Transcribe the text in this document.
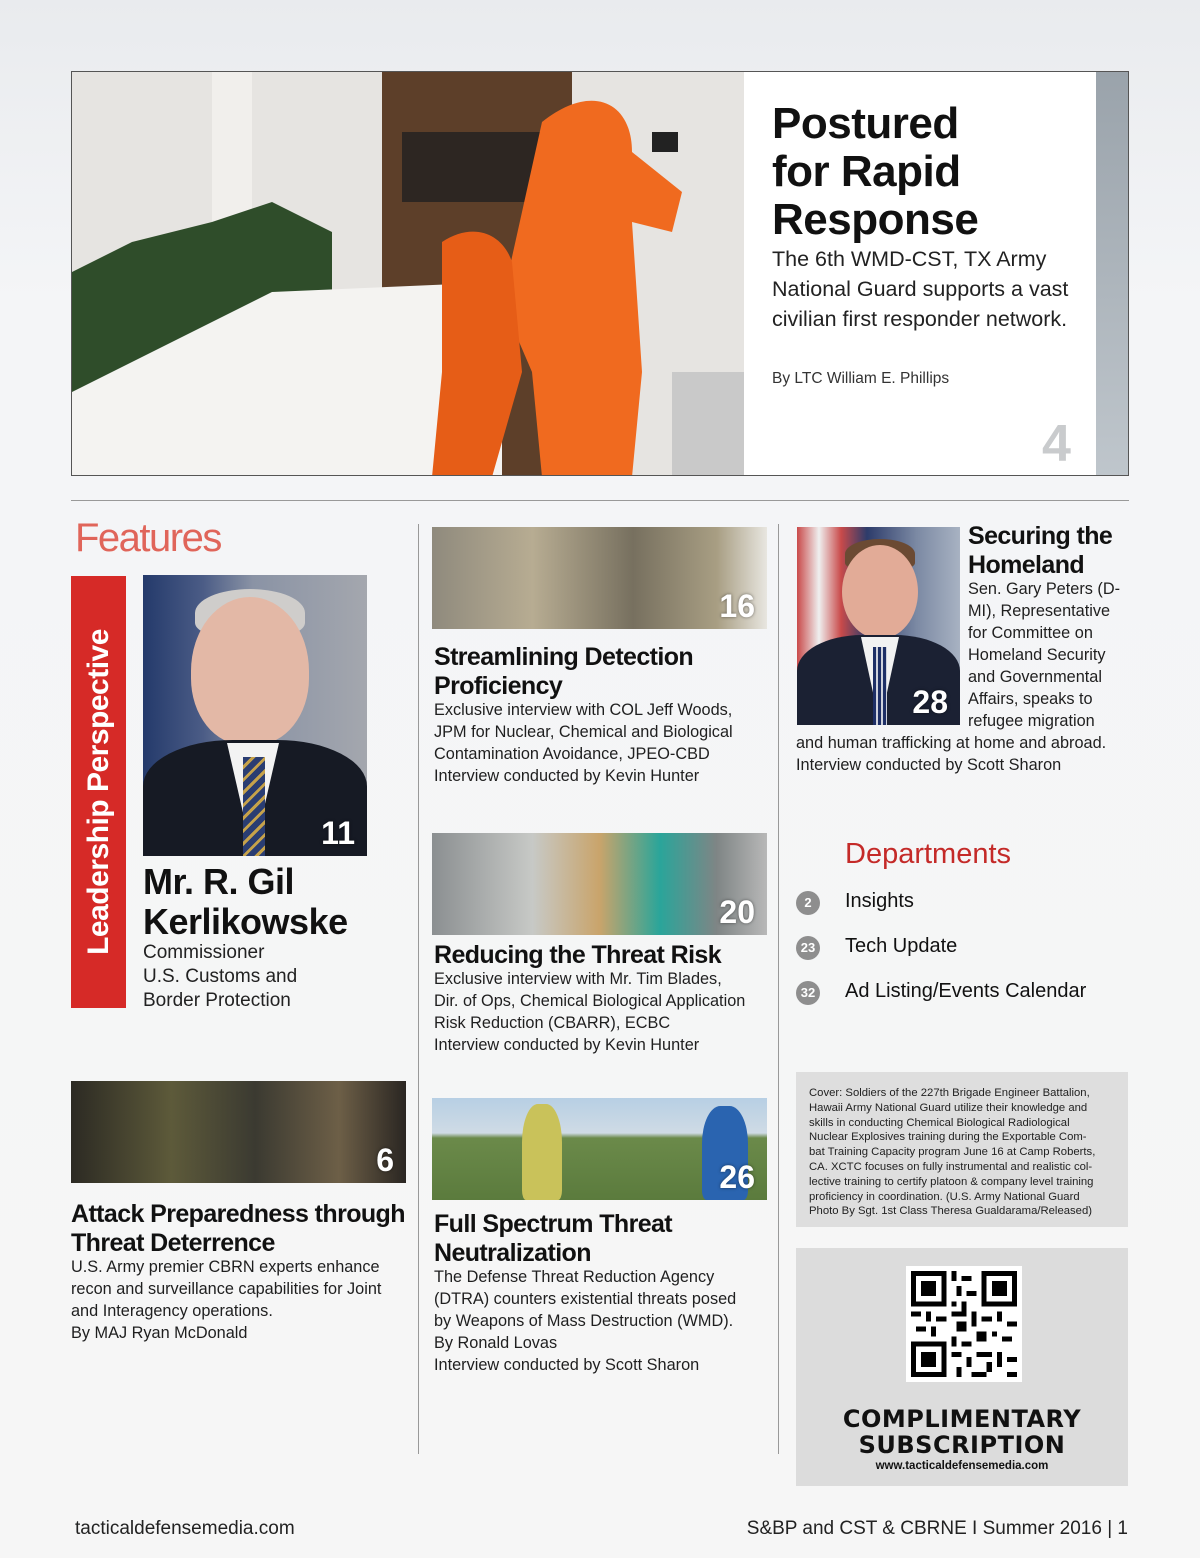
Postured
for Rapid
Response
The 6th WMD-CST, TX Army National Guard supports a vast civilian first responder network.
By LTC William E. Phillips
4
Features
Leadership Perspective	11
Mr. R. Gil
Kerlikowske
Commissioner
U.S. Customs and
Border Protection
6
Attack Preparedness through
Threat Deterrence
U.S. Army premier CBRN experts enhance
recon and surveillance capabilities for Joint
and Interagency operations.
By MAJ Ryan McDonald
16
Streamlining Detection
Proficiency
Exclusive interview with COL Jeff Woods,
JPM for Nuclear, Chemical and Biological
Contamination Avoidance, JPEO-CBD
Interview conducted by Kevin Hunter
20
Reducing the Threat Risk
Exclusive interview with Mr. Tim Blades,
Dir. of Ops, Chemical Biological Application
Risk Reduction (CBARR), ECBC
Interview conducted by Kevin Hunter
26
Full Spectrum Threat
Neutralization
The Defense Threat Reduction Agency
(DTRA) counters existential threats posed
by Weapons of Mass Destruction (WMD).
By Ronald Lovas
Interview conducted by Scott Sharon
28
Securing the
Homeland
Sen. Gary Peters (D-
MI), Representative
for Committee on
Homeland Security
and Governmental
Affairs, speaks to
refugee migration
and human trafficking at home and abroad.
Interview conducted by Scott Sharon
Departments
2	Insights
23 Tech Update
32 Ad Listing/Events Calendar
Cover: Soldiers of the 227th Brigade Engineer Battalion,
Hawaii Army National Guard utilize their knowledge and
skills in conducting Chemical Biological Radiological
Nuclear Explosives training during the Exportable Com-
bat Training Capacity program June 16 at Camp Roberts,
CA. XCTC focuses on fully instrumental and realistic col-
lective training to certify platoon & company level training
proficiency in coordination. (U.S. Army National Guard
Photo By Sgt. 1st Class Theresa Gualdarama/Released)
COMPLIMENTARY
SUBSCRIPTION
www.tacticaldefensemedia.com
tacticaldefensemedia.com	S&BP and CST & CBRNE I Summer 2016 | 1
